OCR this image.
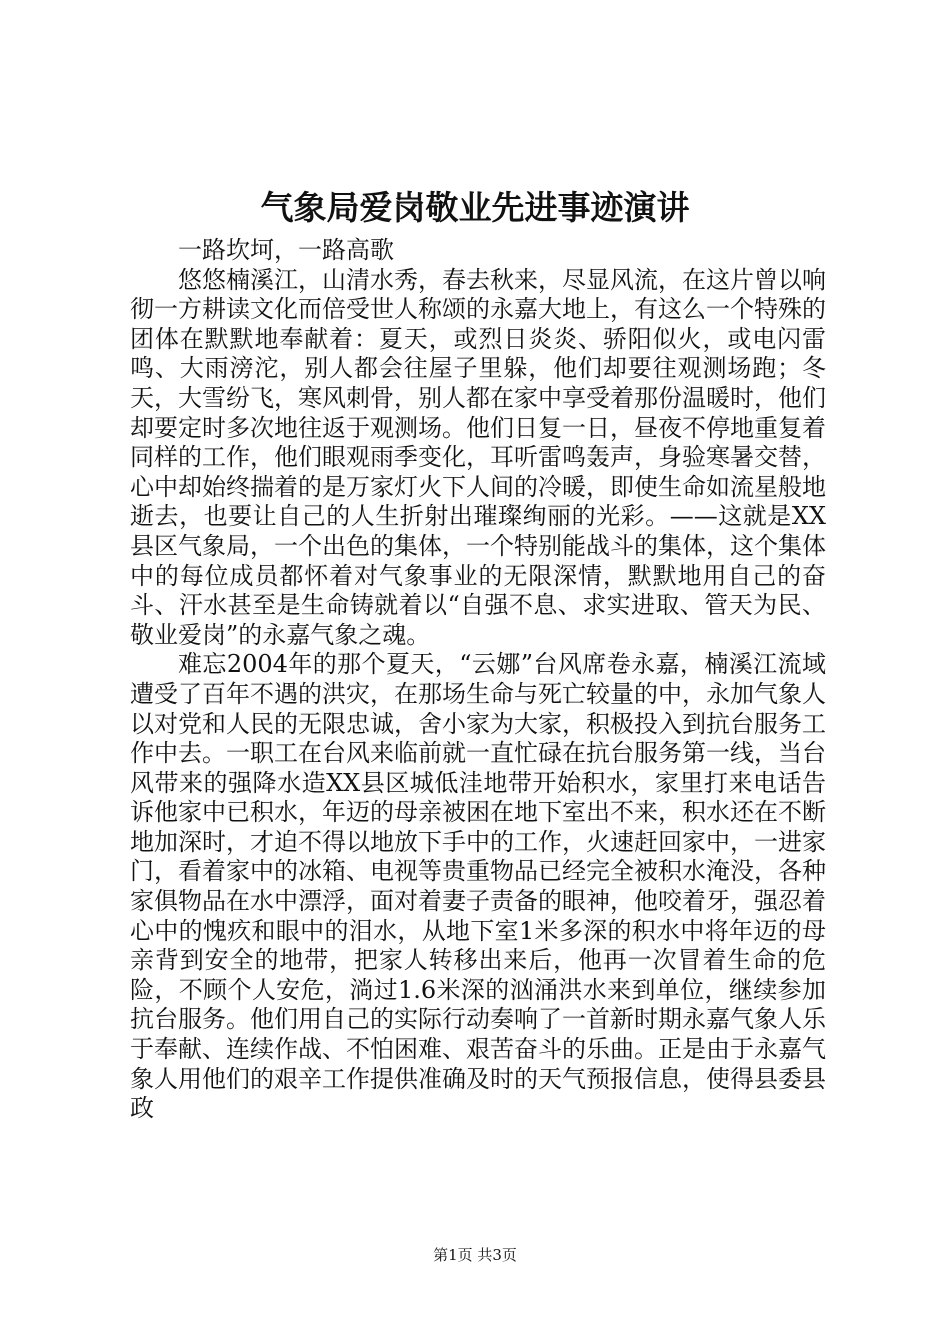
气象局爱岗敬业先进事迹演讲

一路坎坷，一路高歌

悠悠楠溪江，山清水秀，春去秋来，尽显风流，在这片曾以响彻一方耕读文化而倍受世人称颂的永嘉大地上，有这么一个特殊的团体在默默地奉献着：夏天，或烈日炎炎、骄阳似火，或电闪雷鸣、大雨滂沱，别人都会往屋子里躲，他们却要往观测场跑；冬天，大雪纷飞，寒风刺骨，别人都在家中享受着那份温暖时，他们却要定时多次地往返于观测场。他们日复一日，昼夜不停地重复着同样的工作，他们眼观雨季变化，耳听雷鸣轰声，身验寒暑交替，心中却始终揣着的是万家灯火下人间的冷暖，即使生命如流星般地逝去，也要让自己的人生折射出璀璨绚丽的光彩。——这就是XX县区气象局，一个出色的集体，一个特别能战斗的集体，这个集体中的每位成员都怀着对气象事业的无限深情，默默地用自己的奋斗、汗水甚至是生命铸就着以“自强不息、求实进取、管天为民、敬业爱岗”的永嘉气象之魂。

难忘2004年的那个夏天，“云娜”台风席卷永嘉，楠溪江流域遭受了百年不遇的洪灾，在那场生命与死亡较量的中，永加气象人以对党和人民的无限忠诚，舍小家为大家，积极投入到抗台服务工作中去。一职工在台风来临前就一直忙碌在抗台服务第一线，当台风带来的强降水造XX县区城低洼地带开始积水，家里打来电话告诉他家中已积水，年迈的母亲被困在地下室出不来，积水还在不断地加深时，才迫不得以地放下手中的工作，火速赶回家中，一进家门，看着家中的冰箱、电视等贵重物品已经完全被积水淹没，各种家俱物品在水中漂浮，面对着妻子责备的眼神，他咬着牙，强忍着心中的愧疚和眼中的泪水，从地下室1米多深的积水中将年迈的母亲背到安全的地带，把家人转移出来后，他再一次冒着生命的危险，不顾个人安危，淌过1.6米深的汹涌洪水来到单位，继续参加抗台服务。他们用自己的实际行动奏响了一首新时期永嘉气象人乐于奉献、连续作战、不怕困难、艰苦奋斗的乐曲。正是由于永嘉气象人用他们的艰辛工作提供准确及时的天气预报信息，使得县委县政

第1页 共3页
